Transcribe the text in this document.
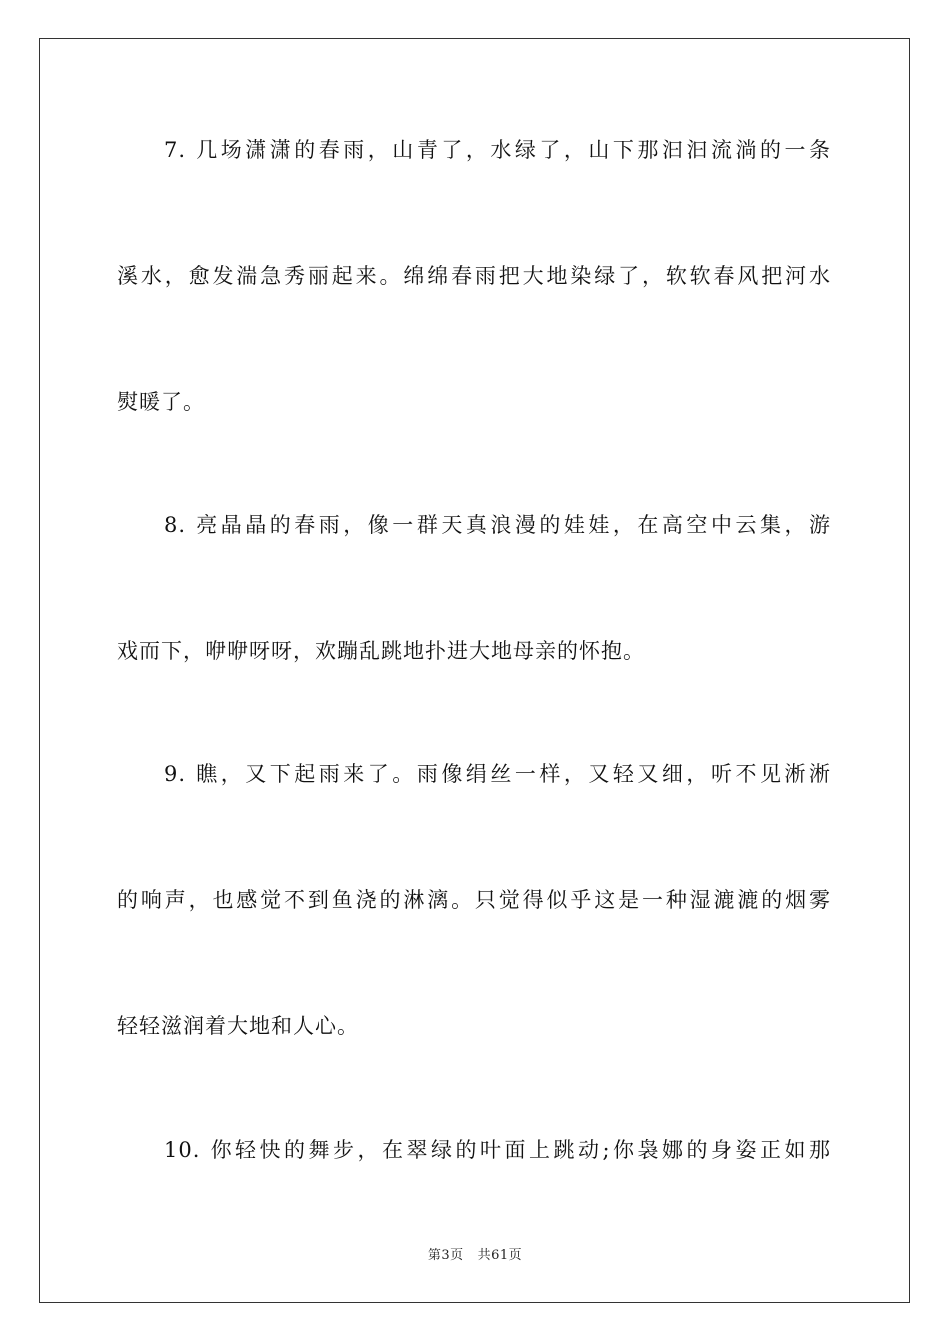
7. 几场潇潇的春雨，山青了，水绿了，山下那汩汩流淌的一条
溪水，愈发湍急秀丽起来。绵绵春雨把大地染绿了，软软春风把河水
熨暖了。
8. 亮晶晶的春雨，像一群天真浪漫的娃娃，在高空中云集，游
戏而下，咿咿呀呀，欢蹦乱跳地扑进大地母亲的怀抱。
9. 瞧，又下起雨来了。雨像绢丝一样，又轻又细，听不见淅淅
的响声，也感觉不到鱼浇的淋漓。只觉得似乎这是一种湿漉漉的烟雾
轻轻滋润着大地和人心。
10. 你轻快的舞步，在翠绿的叶面上跳动;你袅娜的身姿正如那
第3页 共61页
